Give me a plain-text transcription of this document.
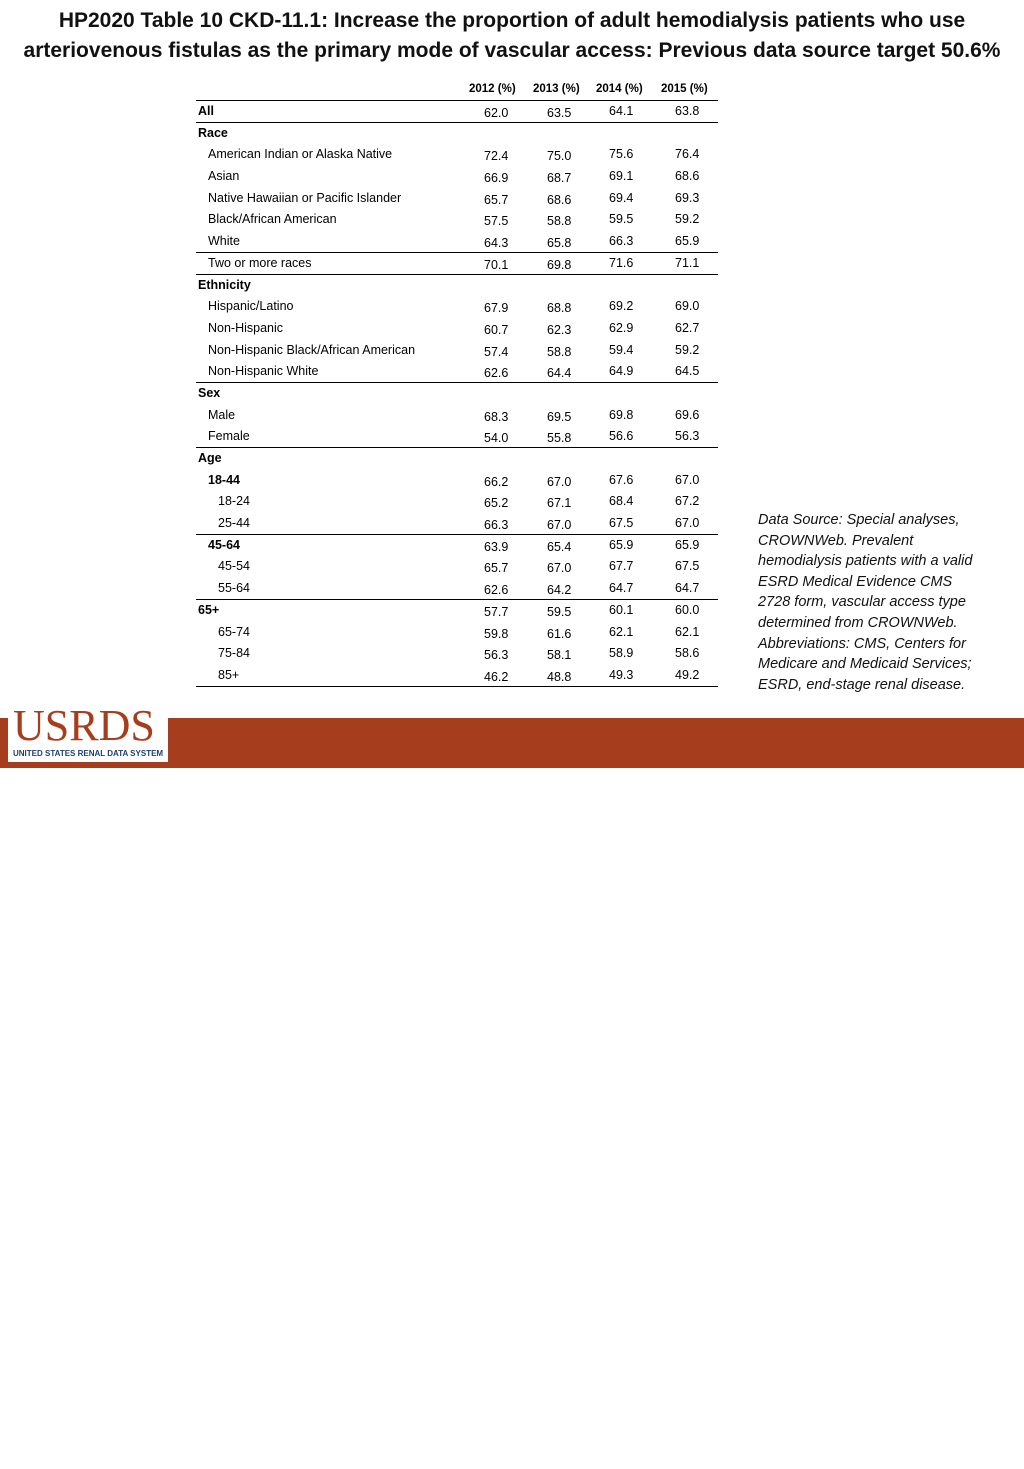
HP2020 Table 10 CKD-11.1: Increase the proportion of adult hemodialysis patients who use
arteriovenous fistulas as the primary mode of vascular access: Previous data source target 50.6%
2012 (%) 2013 (%) 2014 (%) 2015 (%)
All	62.0	63.5	64.1	63.8
Race
American Indian or Alaska Native	72.4	75.0	75.6	76.4
Asian	66.9	68.7	69.1	68.6
Native Hawaiian or Pacific Islander	65.7	68.6	69.4	69.3
Black/African American	57.5	58.8	59.5	59.2
White	64.3	65.8	66.3	65.9
Two or more races	70.1	69.8	71.6	71.1
Ethnicity
Hispanic/Latino	67.9	68.8	69.2	69.0
Non-Hispanic	60.7	62.3	62.9	62.7
Non-Hispanic Black/African American	57.4	58.8	59.4	59.2
Non-Hispanic White	62.6	64.4	64.9	64.5
Sex
Male	68.3	69.5	69.8	69.6
Female	54.0	55.8	56.6	56.3
Age
18-44	66.2	67.0	67.6	67.0
18-24	65.2	67.1	68.4	67.2
25-44	66.3	67.0	67.5	67.0
45-64	63.9	65.4	65.9	65.9
45-54	65.7	67.0	67.7	67.5
55-64	62.6	64.2	64.7	64.7
65+	57.7	59.5	60.1	60.0
65-74	59.8	61.6	62.1	62.1
75-84	56.3	58.1	58.9	58.6
85+	46.2	48.8	49.3	49.2
Data Source: Special analyses, CROWNWeb. Prevalent hemodialysis patients with a valid ESRD Medical Evidence CMS 2728 form, vascular access type determined from CROWNWeb. Abbreviations: CMS, Centers for Medicare and Medicaid Services; ESRD, end-stage renal disease.
13
USRDS
UNITED STATES RENAL DATA SYSTEM
